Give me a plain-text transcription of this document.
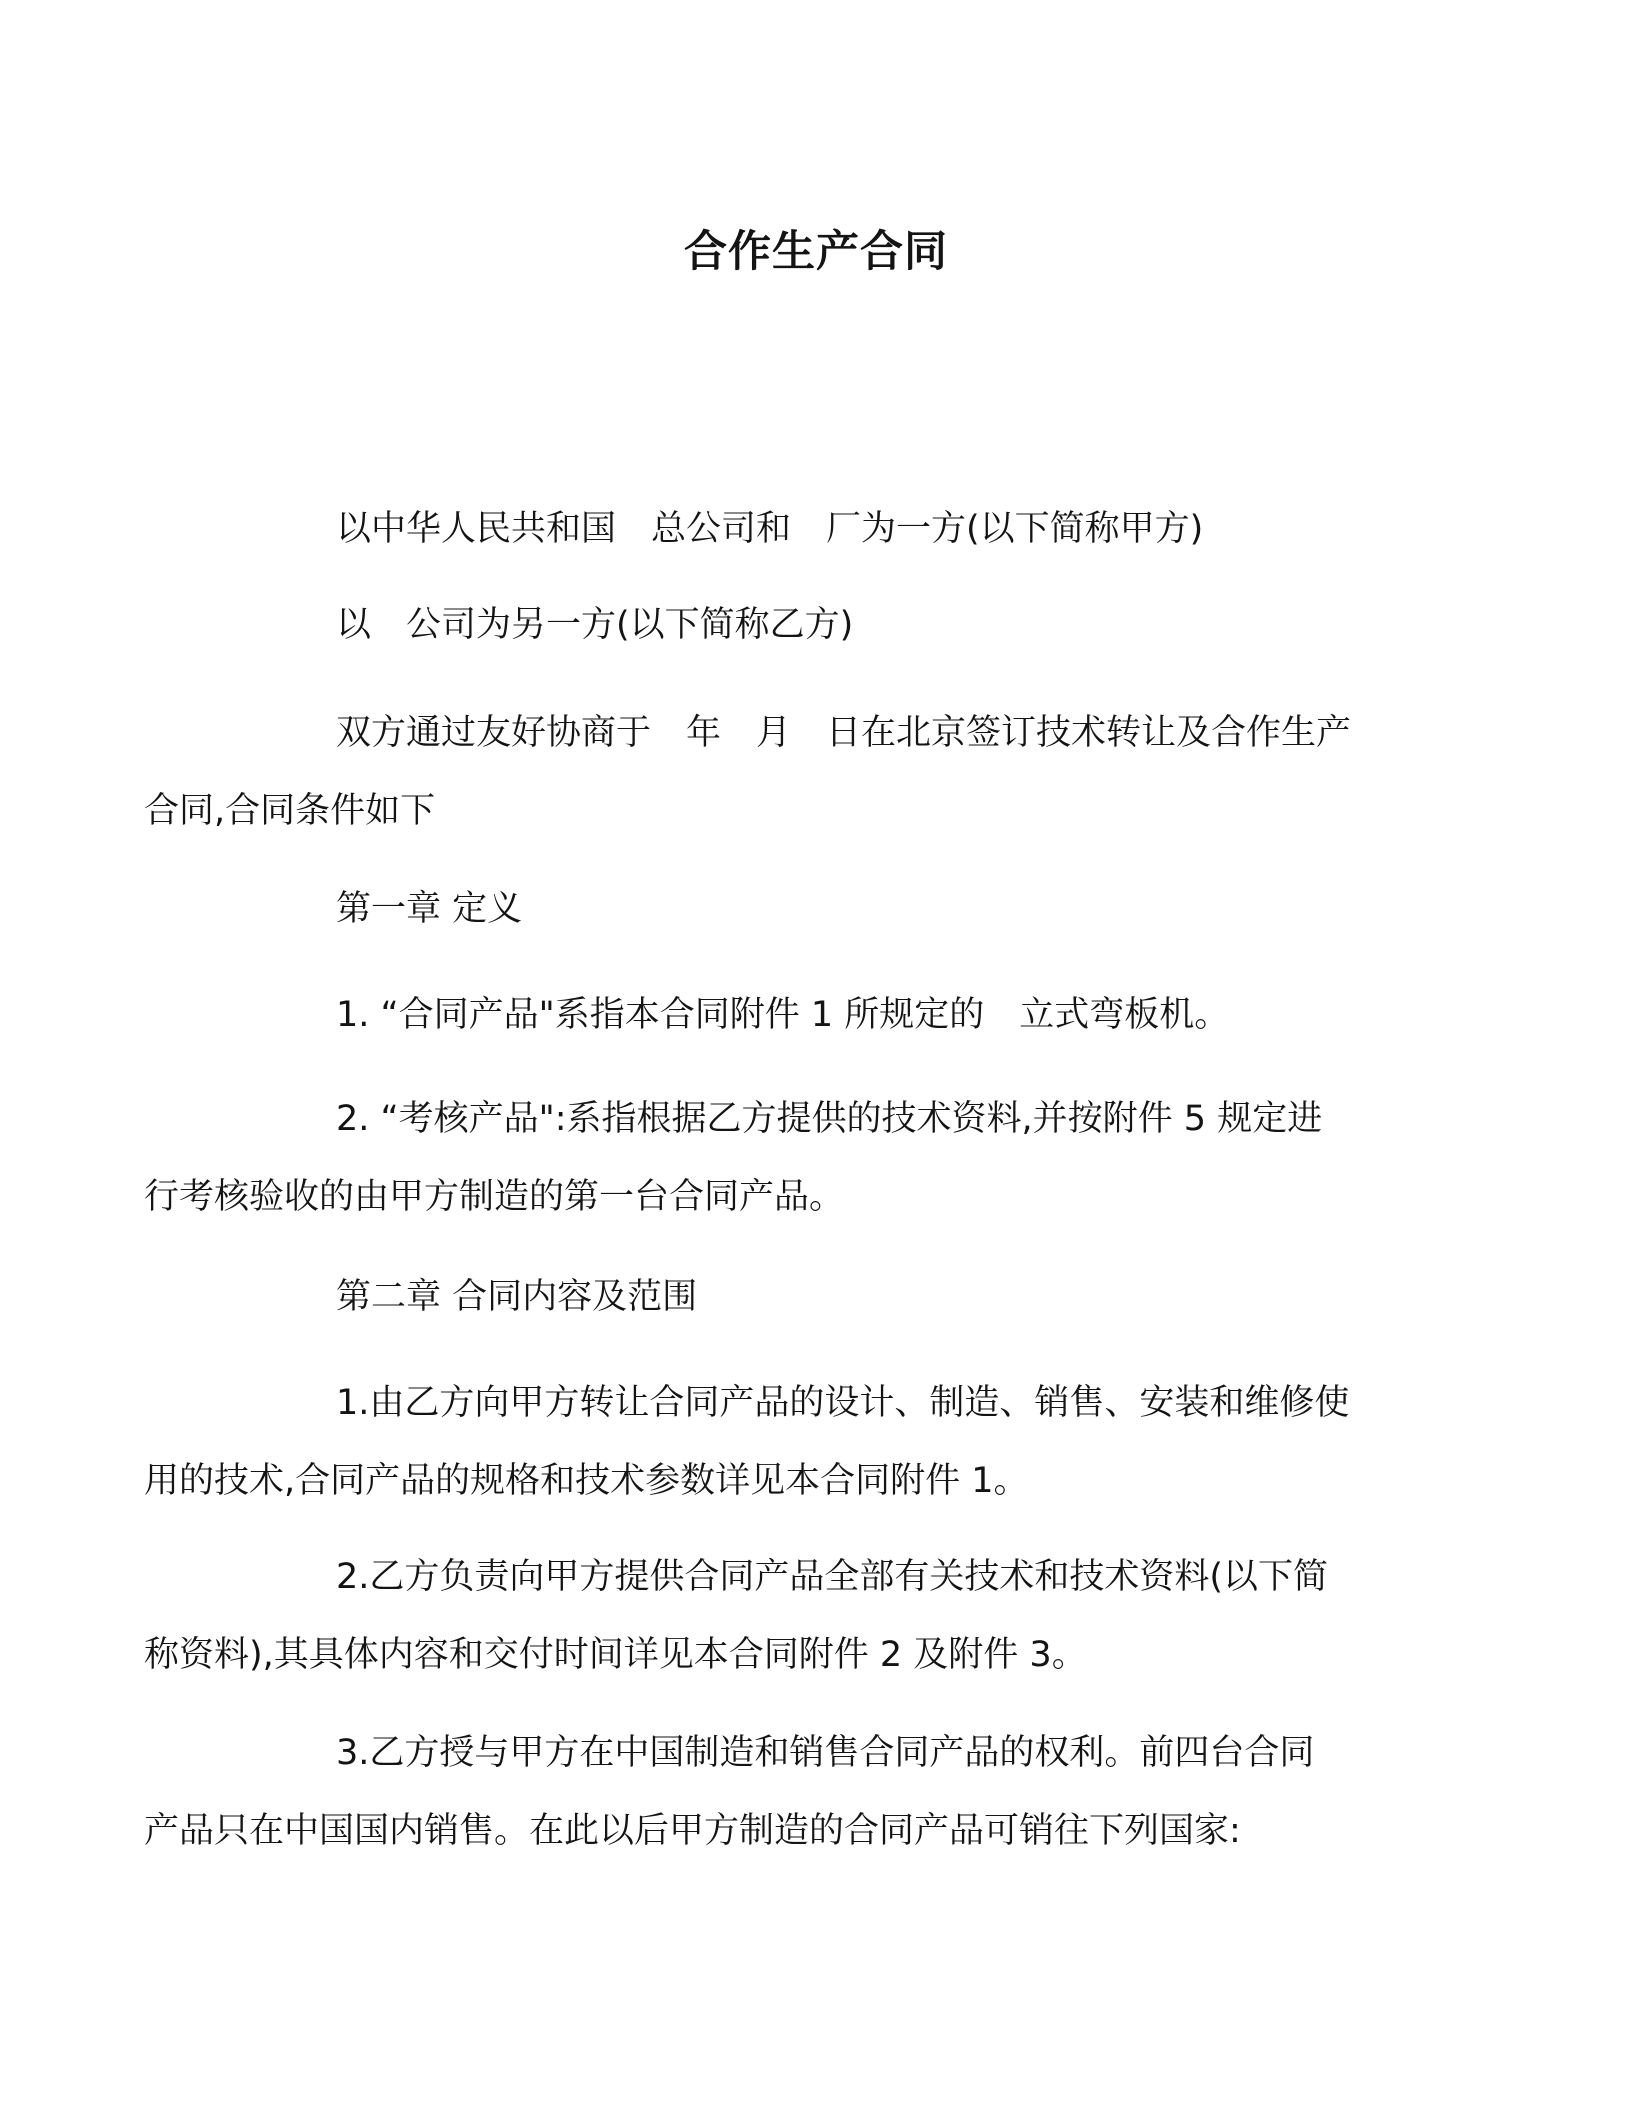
合作生产合同

以中华人民共和国　总公司和　厂为一方(以下简称甲方)

以　公司为另一方(以下简称乙方)

双方通过友好协商于　年　月　日在北京签订技术转让及合作生产
合同,合同条件如下

第一章 定义

1. “合同产品"系指本合同附件 1 所规定的　立式弯板机。

2. “考核产品":系指根据乙方提供的技术资料,并按附件 5 规定进
行考核验收的由甲方制造的第一台合同产品。

第二章 合同内容及范围

1.由乙方向甲方转让合同产品的设计、制造、销售、安装和维修使
用的技术,合同产品的规格和技术参数详见本合同附件 1。

2.乙方负责向甲方提供合同产品全部有关技术和技术资料(以下简
称资料),其具体内容和交付时间详见本合同附件 2 及附件 3。

3.乙方授与甲方在中国制造和销售合同产品的权利。前四台合同
产品只在中国国内销售。在此以后甲方制造的合同产品可销往下列国家:
